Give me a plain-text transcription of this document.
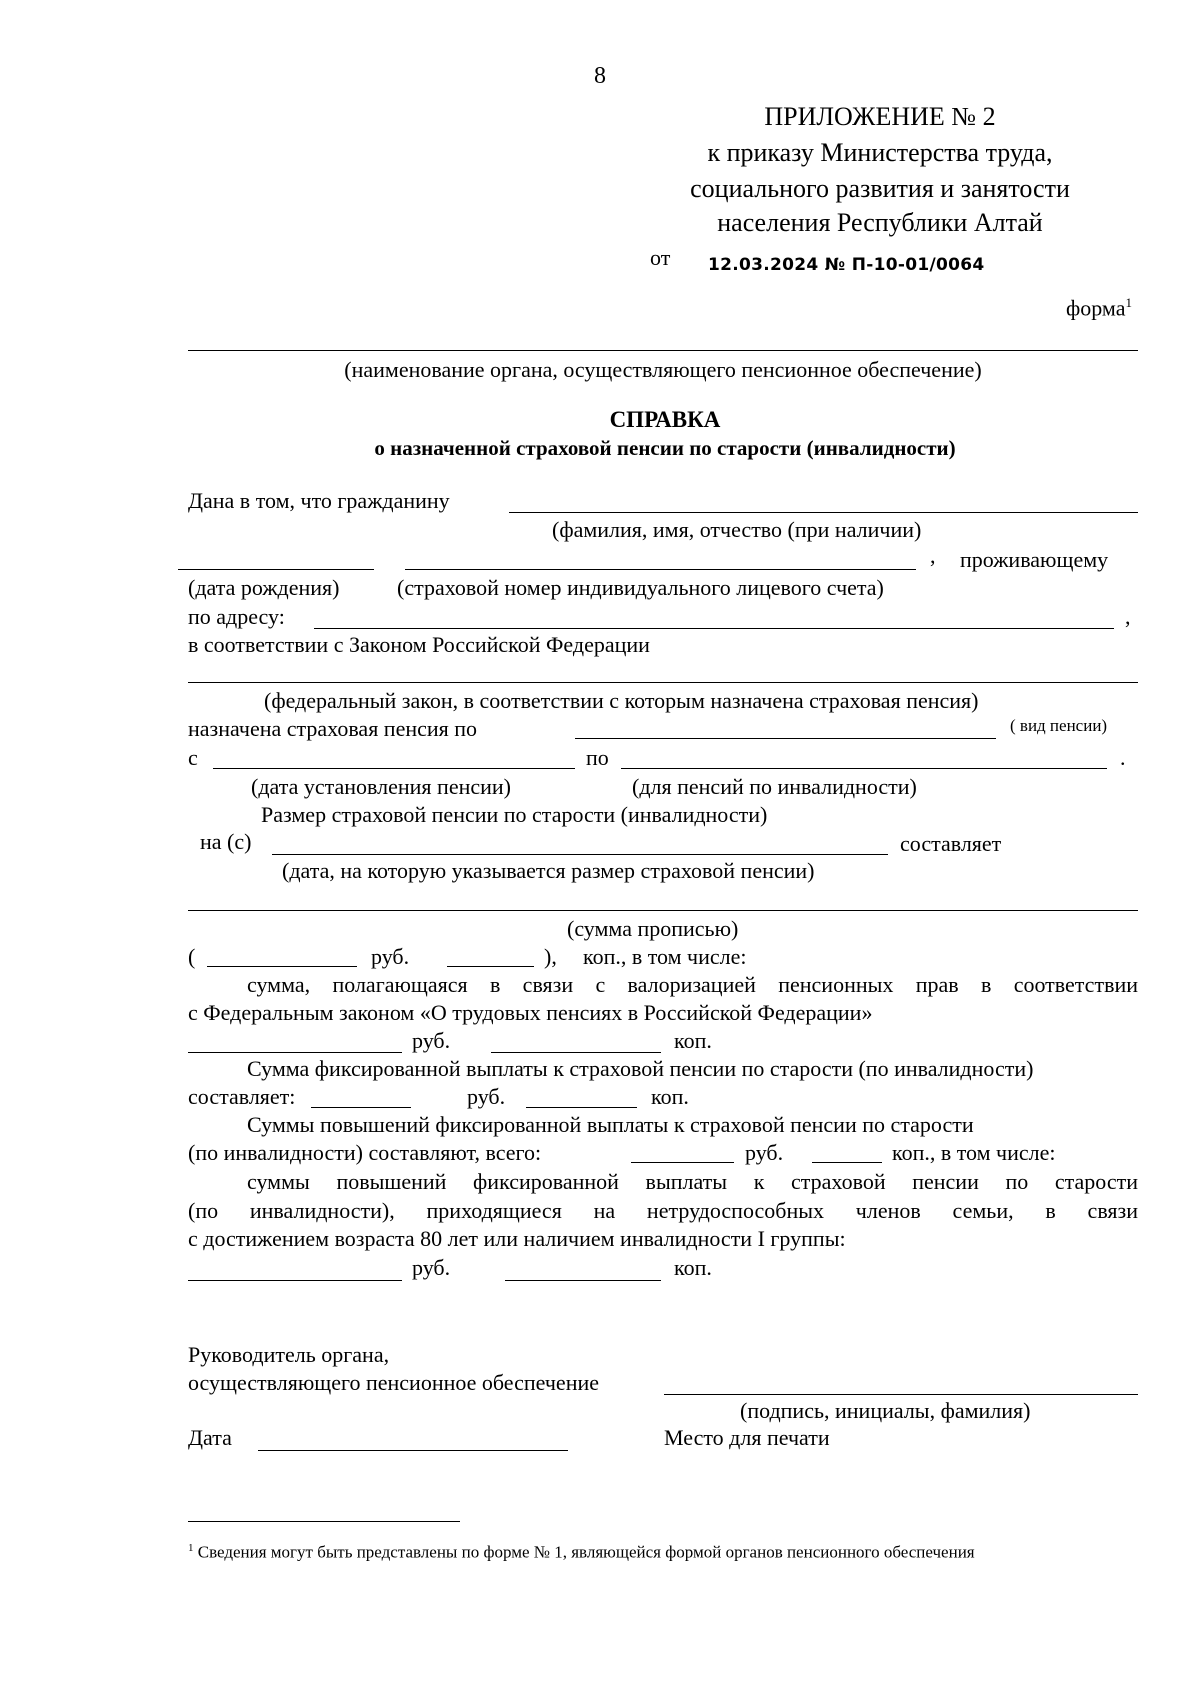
8
ПРИЛОЖЕНИЕ № 2
к приказу Министерства труда,
социального развития и занятости
населения Республики Алтай
от 12.03.2024 № П-10-01/0064
форма$^1$
(наименование органа, осуществляющего пенсионное обеспечение)
СПРАВКА
о назначенной страховой пенсии по старости (инвалидности)
Дана в том, что гражданину
(фамилия, имя, отчество (при наличии)
, проживающему
(дата рождения)	(страховой номер индивидуального лицевого счета)
по адресу:	,
в соответствии с Законом Российской Федерации
(федеральный закон, в соответствии с которым назначена страховая пенсия)
назначена страховая пенсия по	( вид пенсии)
с	по	.
(дата установления пенсии)	(для пенсий по инвалидности)
Размер страховой пенсии по старости (инвалидности)
на (с)	составляет
(дата, на которую указывается размер страховой пенсии)
(сумма прописью)
(	руб.	), коп., в том числе:
сумма, полагающаяся в связи с валоризацией пенсионных прав в соответствии
с Федеральным законом «О трудовых пенсиях в Российской Федерации»
руб.	коп.
Сумма фиксированной выплаты к страховой пенсии по старости (по инвалидности)
составляет:	руб.	коп.
Суммы повышений фиксированной выплаты к страховой пенсии по старости
(по инвалидности) составляют, всего:	руб.	коп., в том числе:
суммы повышений фиксированной выплаты к страховой пенсии по старости
(по инвалидности), приходящиеся на нетрудоспособных членов семьи, в связи
с достижением возраста 80 лет или наличием инвалидности I группы:
руб.	коп.
Руководитель органа,
осуществляющего пенсионное обеспечение
(подпись, инициалы, фамилия)
Дата	Место для печати
$^1$ Сведения могут быть представлены по форме № 1, являющейся формой органов пенсионного обеспечения
